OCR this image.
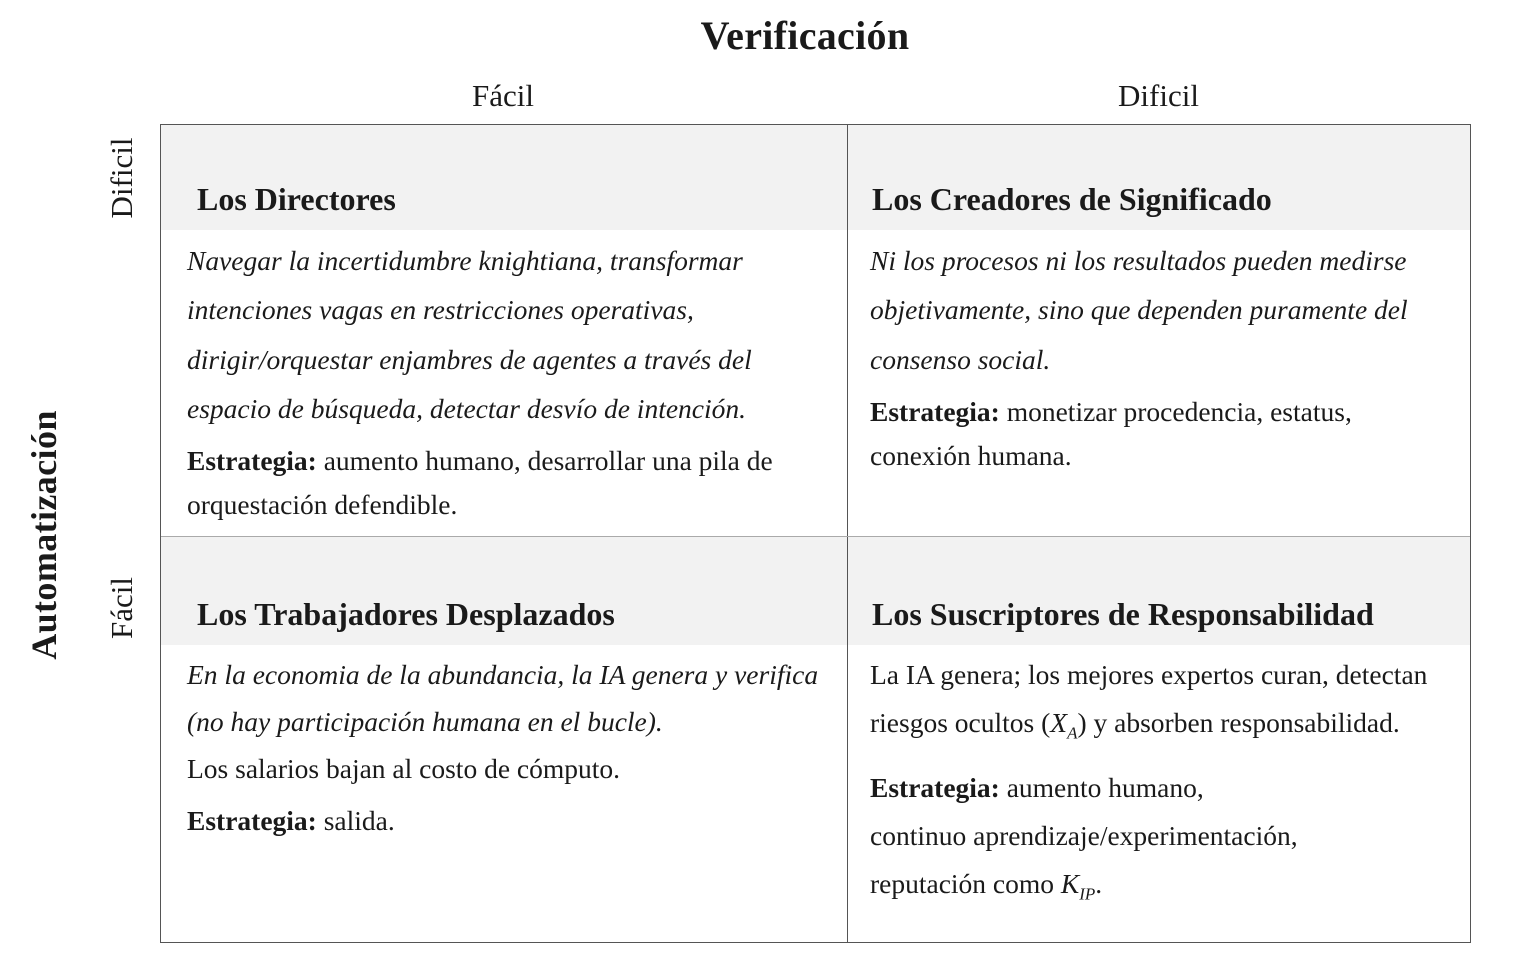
Verificación
Fácil	Dificil
Automatización
Dificil
Fácil
Los Directores

Navegar la incertidumbre knightiana, transformar intenciones vagas en restricciones operativas, dirigir/orquestar enjambres de agentes a través del espacio de búsqueda, detectar desvío de intención.

Estrategia: aumento humano, desarrollar una pila de orquestación defendible.

Los Creadores de Significado

Ni los procesos ni los resultados pueden medirse objetivamente, sino que dependen puramente del consenso social.

Estrategia: monetizar procedencia, estatus, conexión humana.

Los Trabajadores Desplazados

En la economia de la abundancia, la IA genera y verifica (no hay participación humana en el bucle).

Los salarios bajan al costo de cómputo.

Estrategia: salida.

Los Suscriptores de Responsabilidad

La IA genera; los mejores expertos curan, detectan riesgos ocultos $(X_A)$ y absorben responsabilidad.

Estrategia: aumento humano,
continuo aprendizaje/experimentación,
reputación como $K_{IP}$.
